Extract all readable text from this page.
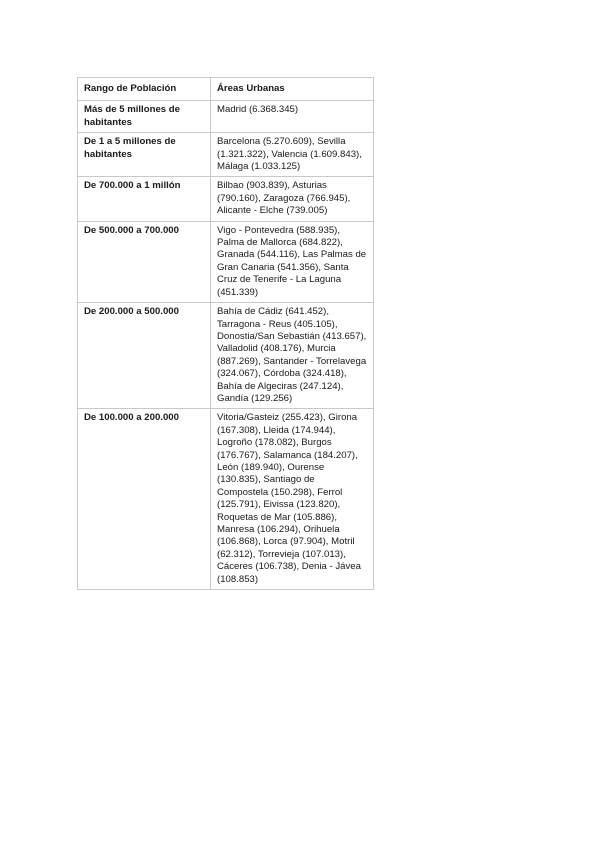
Rango de Población	Áreas Urbanas
Más de 5 millones de habitantes	Madrid (6.368.345)
De 1 a 5 millones de habitantes	Barcelona (5.270.609), Sevilla (1.321.322), Valencia (1.609.843), Málaga (1.033.125)
De 700.000 a 1 millón	Bilbao (903.839), Asturias (790.160), Zaragoza (766.945), Alicante - Elche (739.005)
De 500.000 a 700.000	Vigo - Pontevedra (588.935), Palma de Mallorca (684.822), Granada (544.116), Las Palmas de Gran Canaria (541.356), Santa Cruz de Tenerife - La Laguna (451.339)
De 200.000 a 500.000	Bahía de Cádiz (641.452), Tarragona - Reus (405.105), Donostia/San Sebastián (413.657), Valladolid (408.176), Murcia (887.269), Santander - Torrelavega (324.067), Córdoba (324.418), Bahía de Algeciras (247.124), Gandía (129.256)
De 100.000 a 200.000	Vitoria/Gasteiz (255.423), Girona (167.308), Lleida (174.944), Logroño (178.082), Burgos (176.767), Salamanca (184.207), León (189.940), Ourense (130.835), Santiago de Compostela (150.298), Ferrol (125.791), Eivissa (123.820), Roquetas de Mar (105.886), Manresa (106.294), Orihuela (106.868), Lorca (97.904), Motril (62.312), Torrevieja (107.013), Cáceres (106.738), Denia - Jávea (108.853)
